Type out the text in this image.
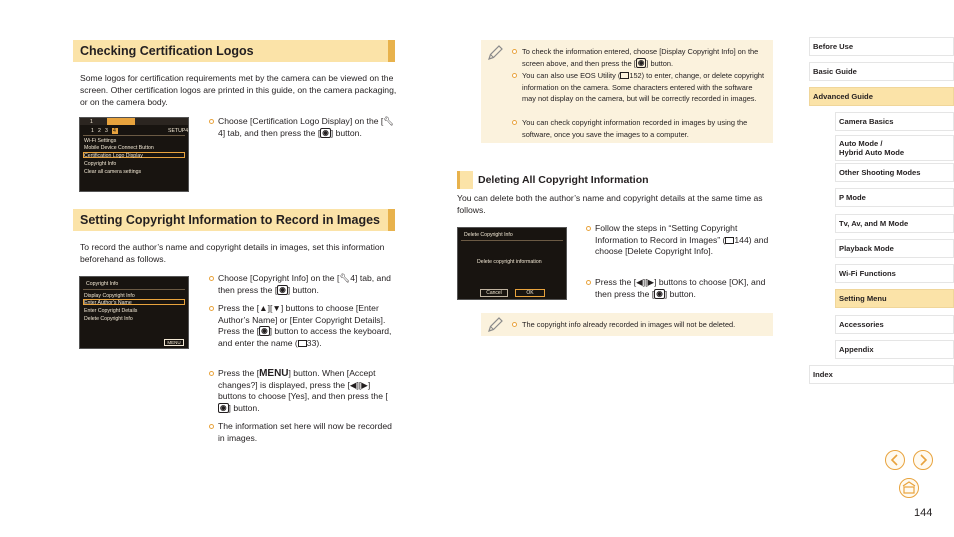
Checking Certification Logos
Some logos for certification requirements met by the camera can be viewed on the screen. Other certification logos are printed in this guide, on the camera packaging, or on the camera body.
1
1 2 3 4	SETUP4
Wi-Fi Settings
Mobile Device Connect Button
Certification Logo Display
Copyright Info
Clear all camera settings
Choose [Certification Logo Display] on the [🔧︎4] tab, and then press the [ ◉ ] button.
Setting Copyright Information to Record in Images
To record the author’s name and copyright details in images, set this information beforehand as follows.
Copyright Info
Display Copyright Info
Enter Author's Name
Enter Copyright Details
Delete Copyright Info
MENU
Choose [Copyright Info] on the [🔧︎4] tab, and then press the [ ◉ ] button.
Press the [▲][▼] buttons to choose [Enter Author’s Name] or [Enter Copyright Details]. Press the [ ◉ ] button to access the keyboard, and enter the name ( 33).
Press the [MENU] button. When [Accept changes?] is displayed, press the [◀][▶] buttons to choose [Yes], and then press the [◉ ] button.
The information set here will now be recorded in images.
To check the information entered, choose [Display Copyright Info] on the screen above, and then press the [ ◉ ] button.
You can also use EOS Utility ( 152) to enter, change, or delete copyright information on the camera. Some characters entered with the software may not display on the camera, but will be correctly recorded in images.
You can check copyright information recorded in images by using the software, once you save the images to a computer.
Deleting All Copyright Information
You can delete both the author’s name and copyright details at the same time as follows.
Delete Copyright Info
Delete copyright information
Cancel	OK
Follow the steps in “Setting Copyright Information to Record in Images” ( 144) and choose [Delete Copyright Info].
Press the [◀][▶] buttons to choose [OK], and then press the [ ◉ ] button.
The copyright info already recorded in images will not be deleted.
Before Use
Basic Guide
Advanced Guide
Camera Basics
Auto Mode /
Hybrid Auto Mode
Other Shooting Modes
P Mode
Tv, Av, and M Mode
Playback Mode
Wi-Fi Functions
Setting Menu
Accessories
Appendix
Index
144
